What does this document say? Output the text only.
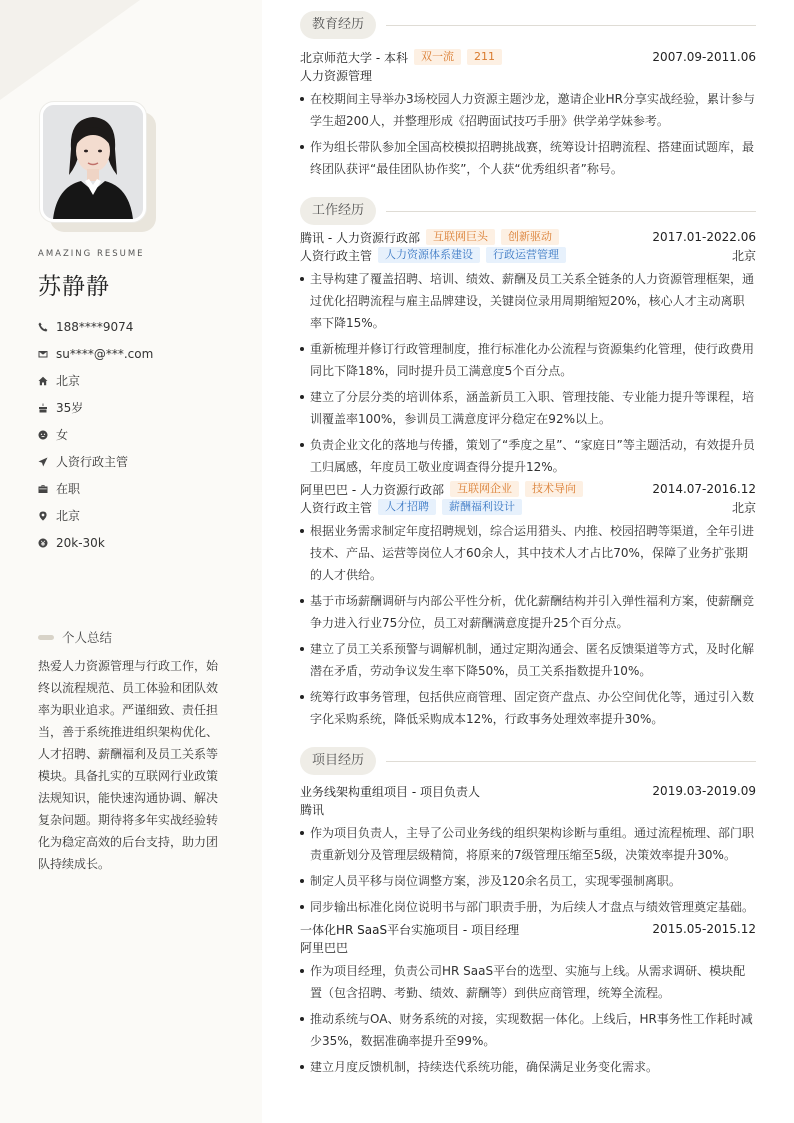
AMAZING RESUME
苏静静
188****9074
su****@***.com
北京
35岁
女
人资行政主管
在职
北京
20k-30k
个人总结
热爱人力资源管理与行政工作，始终以流程规范、员工体验和团队效率为职业追求。严谨细致、责任担当，善于系统推进组织架构优化、人才招聘、薪酬福利及员工关系等模块。具备扎实的互联网行业政策法规知识，能快速沟通协调、解决复杂问题。期待将多年实战经验转化为稳定高效的后台支持，助力团队持续成长。
教育经历
北京师范大学 - 本科	双一流	211	2007.09-2011.06
人力资源管理
在校期间主导举办3场校园人力资源主题沙龙，邀请企业HR分享实战经验，累计参与学生超200人，并整理形成《招聘面试技巧手册》供学弟学妹参考。
作为组长带队参加全国高校模拟招聘挑战赛，统筹设计招聘流程、搭建面试题库，最终团队获评“最佳团队协作奖”，个人获“优秀组织者”称号。
工作经历
腾讯 - 人力资源行政部	互联网巨头	创新驱动	2017.01-2022.06
人资行政主管	人力资源体系建设	行政运营管理	北京
主导构建了覆盖招聘、培训、绩效、薪酬及员工关系全链条的人力资源管理框架，通过优化招聘流程与雇主品牌建设，关键岗位录用周期缩短20%，核心人才主动离职率下降15%。
重新梳理并修订行政管理制度，推行标准化办公流程与资源集约化管理，使行政费用同比下降18%，同时提升员工满意度5个百分点。
建立了分层分类的培训体系，涵盖新员工入职、管理技能、专业能力提升等课程，培训覆盖率100%，参训员工满意度评分稳定在92%以上。
负责企业文化的落地与传播，策划了“季度之星”、“家庭日”等主题活动，有效提升员工归属感，年度员工敬业度调查得分提升12%。
阿里巴巴 - 人力资源行政部	互联网企业	技术导向	2014.07-2016.12
人资行政主管	人才招聘	薪酬福利设计	北京
根据业务需求制定年度招聘规划，综合运用猎头、内推、校园招聘等渠道，全年引进技术、产品、运营等岗位人才60余人，其中技术人才占比70%，保障了业务扩张期的人才供给。
基于市场薪酬调研与内部公平性分析，优化薪酬结构并引入弹性福利方案，使薪酬竞争力进入行业75分位，员工对薪酬满意度提升25个百分点。
建立了员工关系预警与调解机制，通过定期沟通会、匿名反馈渠道等方式，及时化解潜在矛盾，劳动争议发生率下降50%，员工关系指数提升10%。
统筹行政事务管理，包括供应商管理、固定资产盘点、办公空间优化等，通过引入数字化采购系统，降低采购成本12%，行政事务处理效率提升30%。
项目经历
业务线架构重组项目 - 项目负责人	2019.03-2019.09
腾讯
作为项目负责人，主导了公司业务线的组织架构诊断与重组。通过流程梳理、部门职责重新划分及管理层级精简，将原来的7级管理压缩至5级，决策效率提升30%。
制定人员平移与岗位调整方案，涉及120余名员工，实现零强制离职。
同步输出标准化岗位说明书与部门职责手册，为后续人才盘点与绩效管理奠定基础。
一体化HR SaaS平台实施项目 - 项目经理	2015.05-2015.12
阿里巴巴
作为项目经理，负责公司HR SaaS平台的选型、实施与上线。从需求调研、模块配置（包含招聘、考勤、绩效、薪酬等）到供应商管理，统筹全流程。
推动系统与OA、财务系统的对接，实现数据一体化。上线后，HR事务性工作耗时减少35%，数据准确率提升至99%。
建立月度反馈机制，持续迭代系统功能，确保满足业务变化需求。
